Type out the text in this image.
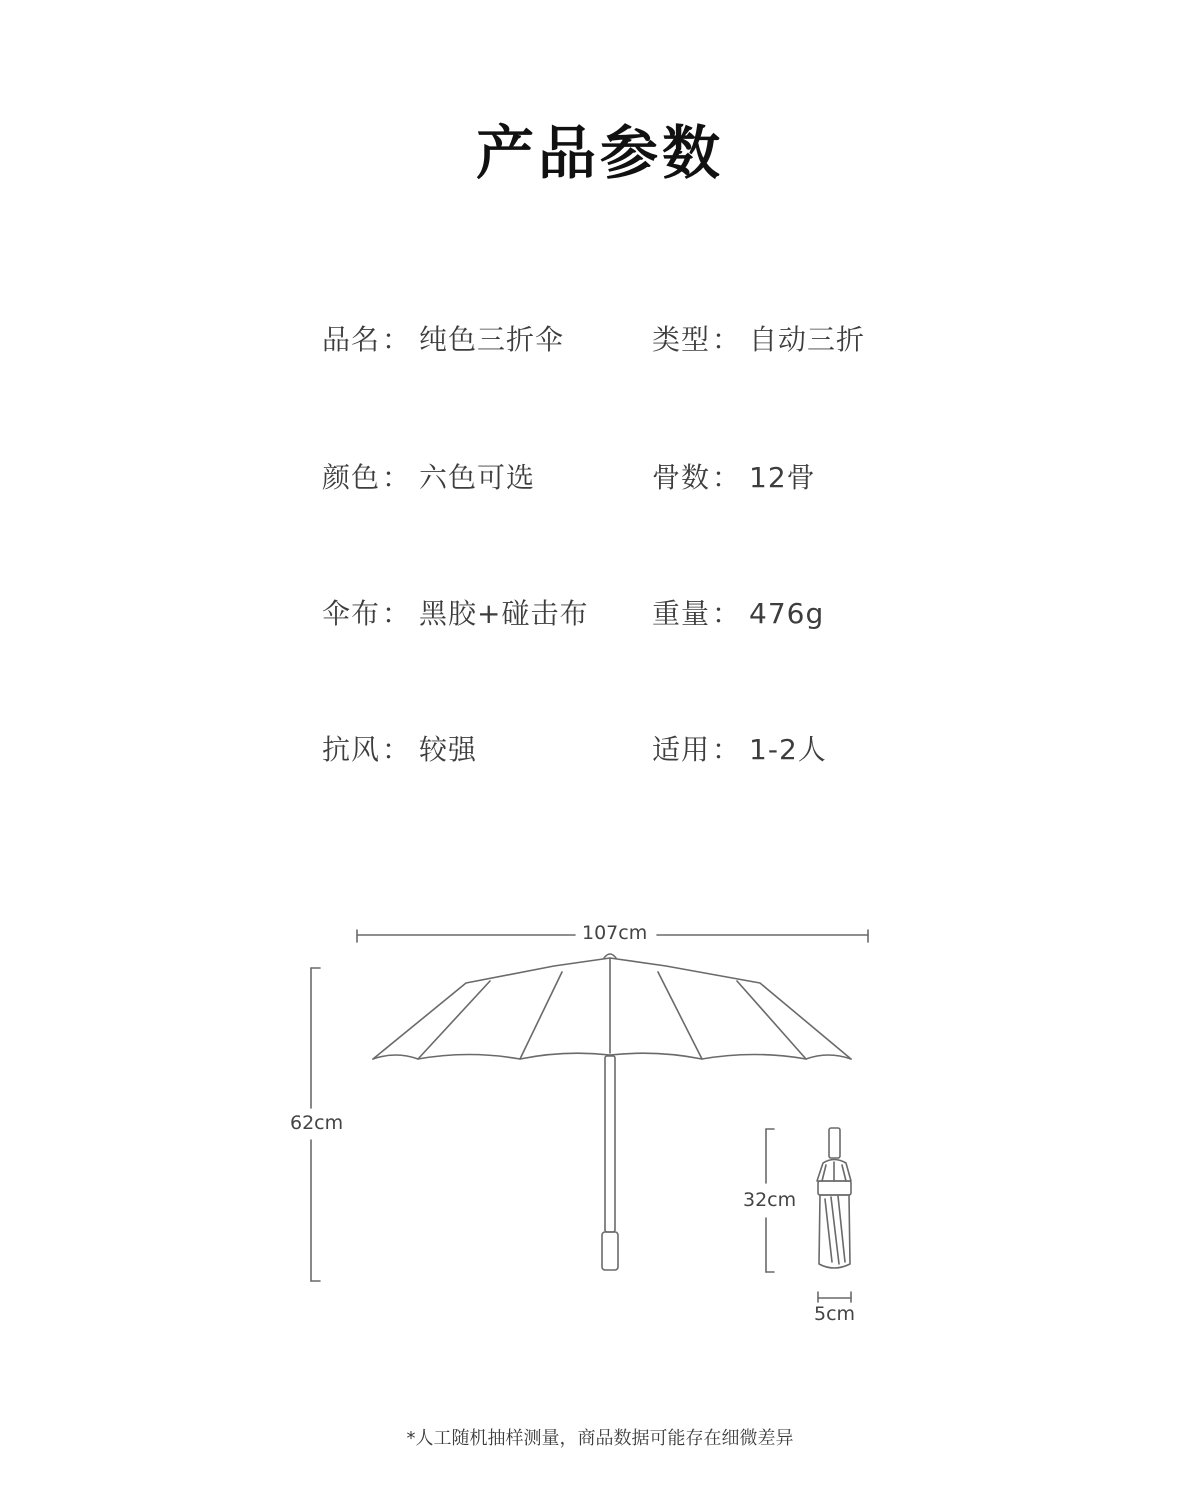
产品参数
品名： 纯色三折伞	类型： 自动三折
颜色： 六色可选	骨数： 12骨
伞布： 黑胶+碰击布 重量： 476g
抗风： 较强	适用： 1-2人
107cm
62cm
32cm
5cm
*人工随机抽样测量，商品数据可能存在细微差异
